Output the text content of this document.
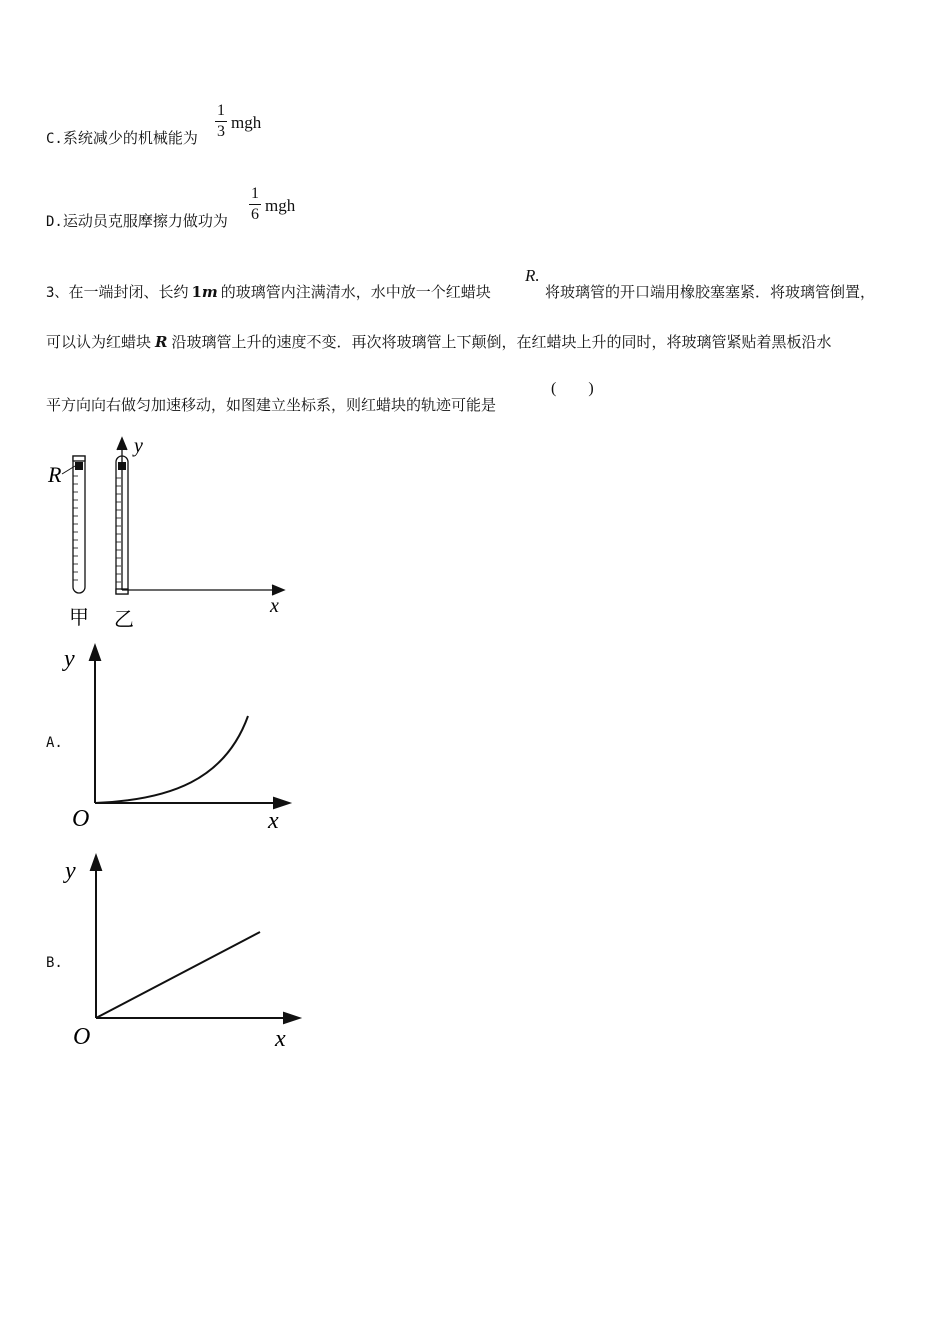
C.系统减少的机械能为
1
3 mgh
D.运动员克服摩擦力做功为
1
6 mgh
3、在一端封闭、长约 1m 的玻璃管内注满清水，水中放一个红蜡块
R.
将玻璃管的开口端用橡胶塞塞紧．将玻璃管倒置，
可以认为红蜡块 R 沿玻璃管上升的速度不变．再次将玻璃管上下颠倒，在红蜡块上升的同时，将玻璃管紧贴着黑板沿水
平方向向右做匀加速移动，如图建立坐标系，则红蜡块的轨迹可能是
(        )
R
y
x
甲 乙
A.
y
O	x
B.
y
O	x
